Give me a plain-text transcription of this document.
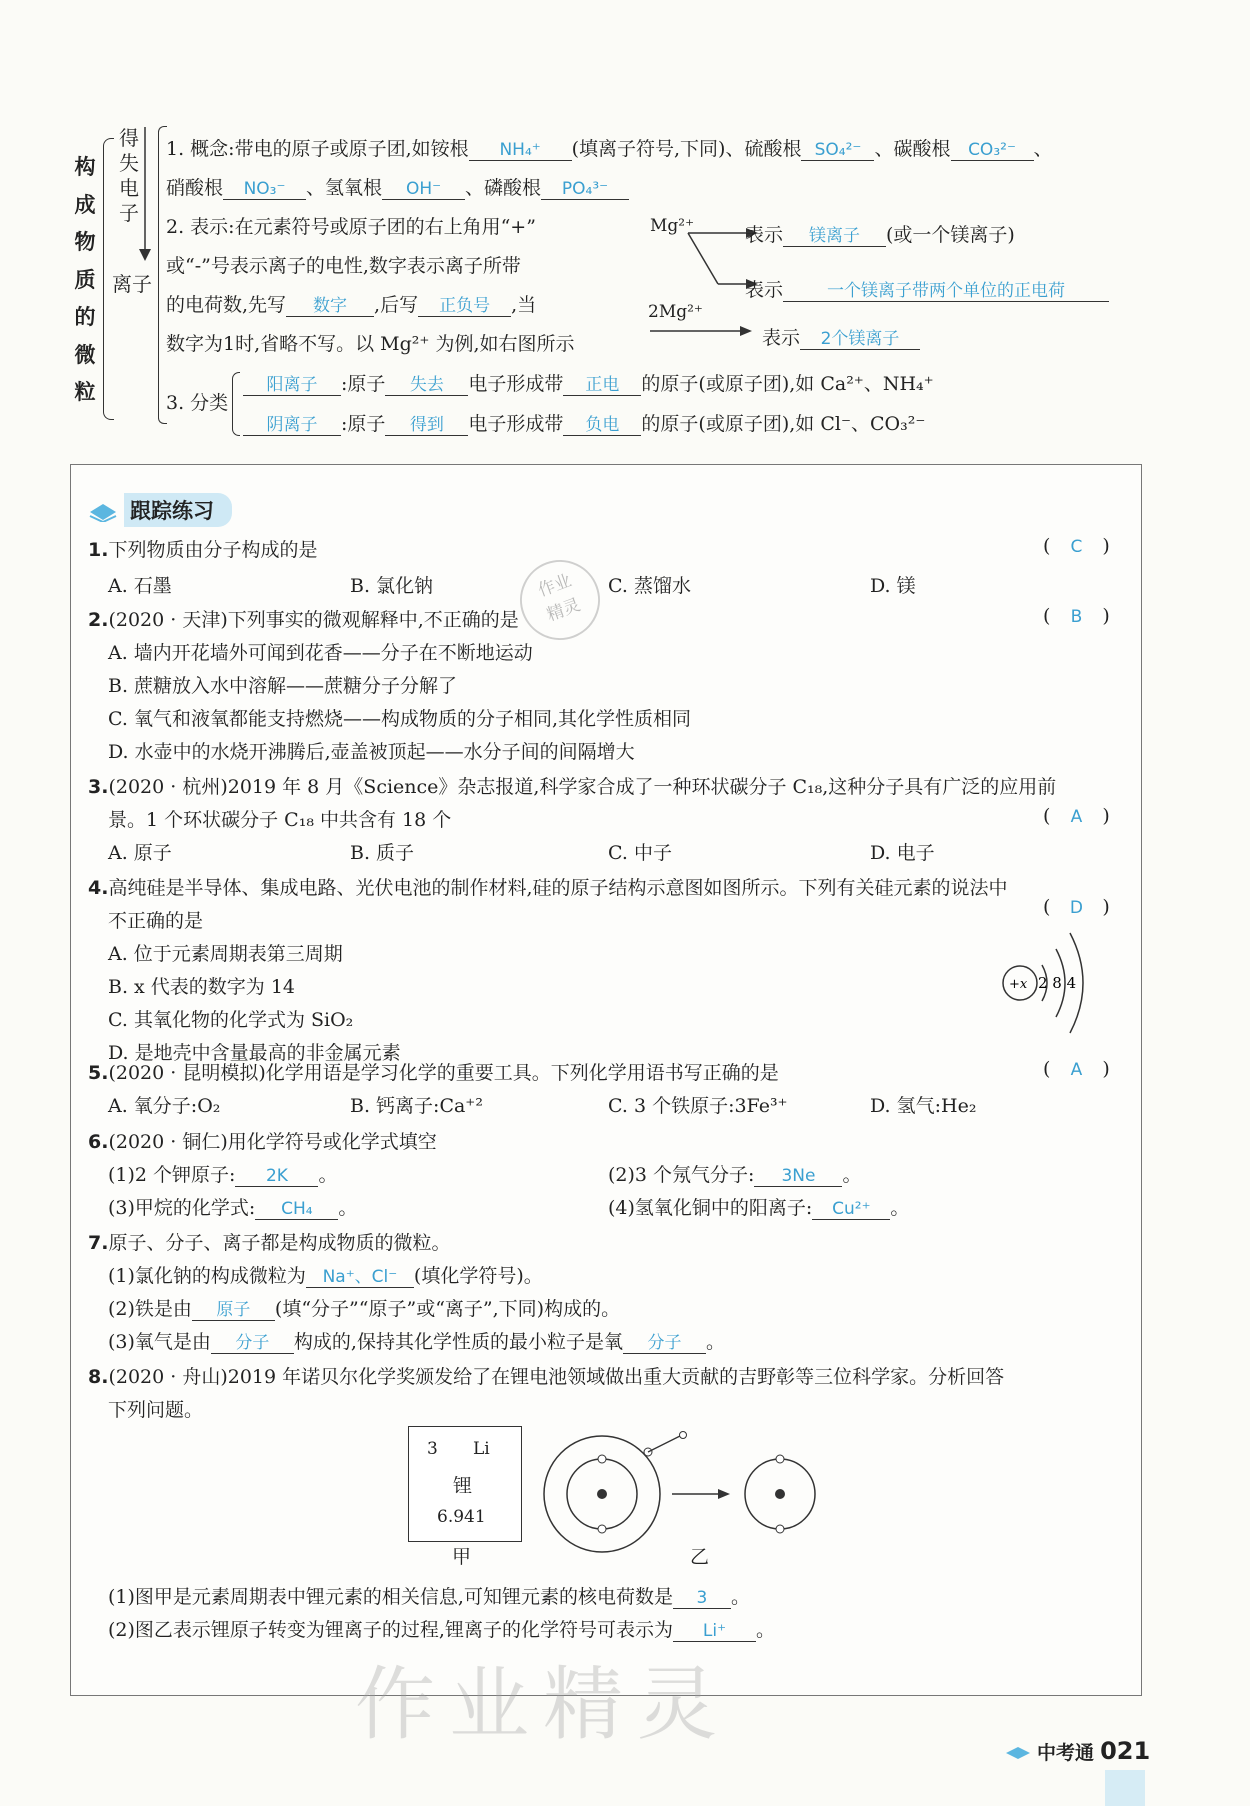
构
成
物
质
的
微
粒
得
失
电
子
离子
1. 概念:带电的原子或原子团,如铵根 NH₄⁺ (填离子符号,下同)、硫酸根 SO₄²⁻ 、碳酸根 CO₃²⁻ 、
硝酸根 NO₃⁻ 、氢氧根 OH⁻ 、磷酸根 PO₄³⁻
2. 表示:在元素符号或原子团的右上角用“+”
或“-”号表示离子的电性,数字表示离子所带
的电荷数,先写 数字 ,后写 正负号 ,当
数字为1时,省略不写。以 Mg²⁺ 为例,如右图所示
Mg²⁺	表示 镁离子 (或一个镁离子)
表示	一个镁离子带两个单位的正电荷
2Mg²⁺
表示 2个镁离子
3. 分类
阳离子 :原子 失去 电子形成带 正电 的原子(或原子团),如 Ca²⁺、NH₄⁺
阴离子 :原子 得到 电子形成带 负电 的原子(或原子团),如 Cl⁻、CO₃²⁻
跟踪练习
作业
精灵
1.下列物质由分子构成的是	( C )
A. 石墨	B. 氯化钠	C. 蒸馏水	D. 镁
2.(2020 · 天津)下列事实的微观解释中,不正确的是	( B )
A. 墙内开花墙外可闻到花香——分子在不断地运动
B. 蔗糖放入水中溶解——蔗糖分子分解了
C. 氧气和液氧都能支持燃烧——构成物质的分子相同,其化学性质相同
D. 水壶中的水烧开沸腾后,壶盖被顶起——水分子间的间隔增大
3.(2020 · 杭州)2019 年 8 月《Science》杂志报道,科学家合成了一种环状碳分子 C₁₈,这种分子具有广泛的应用前
景。1 个环状碳分子 C₁₈ 中共含有 18 个	( A )
A. 原子	B. 质子	C. 中子	D. 电子
4.高纯硅是半导体、集成电路、光伏电池的制作材料,硅的原子结构示意图如图所示。下列有关硅元素的说法中
不正确的是
( D )
A. 位于元素周期表第三周期
B. x 代表的数字为 14
C. 其氧化物的化学式为 SiO₂
D. 是地壳中含量最高的非金属元素
+x 2 8 4
5.(2020 · 昆明模拟)化学用语是学习化学的重要工具。下列化学用语书写正确的是	( A )
A. 氧分子:O₂	B. 钙离子:Ca⁺²	C. 3 个铁原子:3Fe³⁺	D. 氢气:He₂
6.(2020 · 铜仁)用化学符号或化学式填空
(1)2 个钾原子: 2K 。	(2)3 个氖气分子: 3Ne 。
(3)甲烷的化学式: CH₄ 。	(4)氢氧化铜中的阳离子: Cu²⁺ 。
7.原子、分子、离子都是构成物质的微粒。
(1)氯化钠的构成微粒为 Na⁺、Cl⁻ (填化学符号)。
(2)铁是由 原子 (填“分子”“原子”或“离子”,下同)构成的。
(3)氧气是由 分子 构成的,保持其化学性质的最小粒子是氧 分子 。
8.(2020 · 舟山)2019 年诺贝尔化学奖颁发给了在锂电池领域做出重大贡献的吉野彰等三位科学家。分析回答
下列问题。
3 Li
锂
6.941
甲	乙
(1)图甲是元素周期表中锂元素的相关信息,可知锂元素的核电荷数是 3 。
(2)图乙表示锂原子转变为锂离子的过程,锂离子的化学符号可表示为 Li⁺ 。
作业精灵
中考通 021
